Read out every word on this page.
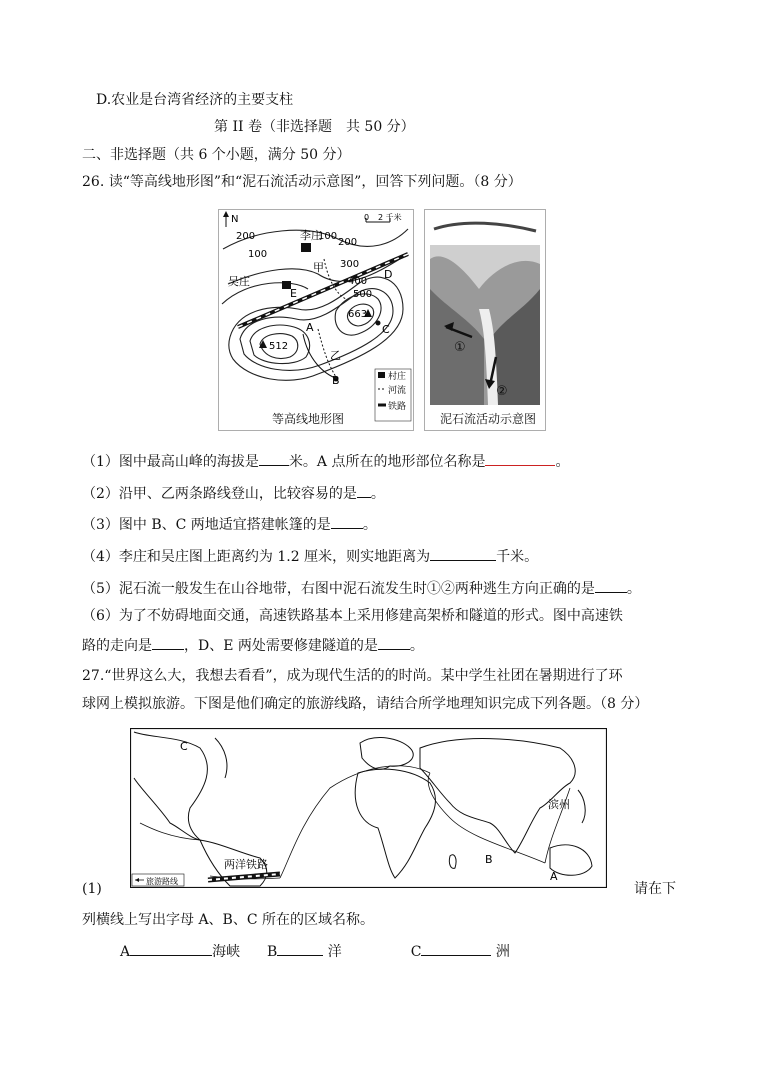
D.农业是台湾省经济的主要支柱
第 II 卷（非选择题　共 50 分）
二、非选择题（共 6 个小题，满分 50 分）
26. 读“等高线地形图”和“泥石流活动示意图”，回答下列问题。（8 分）
N	0 2 千米
200
100
100
200
300
400
500
李庄
吴庄
甲
乙
A
B
C
D
E
663
512
村庄
河流
铁路
等高线地形图
①
②
泥石流活动示意图
（1）图中最高山峰的海拔是 米。A 点所在的地形部位名称是	。
（2）沿甲、乙两条路线登山，比较容易的是 。
（3）图中 B、C 两地适宜搭建帐篷的是 。
（4）李庄和吴庄图上距离约为 1.2 厘米，则实地距离为	千米。
（5）泥石流一般发生在山谷地带，右图中泥石流发生时①②两种逃生方向正确的是 。
（6）为了不妨碍地面交通，高速铁路基本上采用修建高架桥和隧道的形式。图中高速铁
路的走向是 ，D、E 两处需要修建隧道的是 。
27.“世界这么大，我想去看看”，成为现代生活的的时尚。某中学生社团在暑期进行了环
球网上模拟旅游。下图是他们确定的旅游线路，请结合所学地理知识完成下列各题。（8 分）
C
B
A
滨州
两洋铁路
旅游路线
(1)	请在下
列横线上写出字母 A、B、C 所在的区域名称。
A	海峡 B	洋	C	洲
